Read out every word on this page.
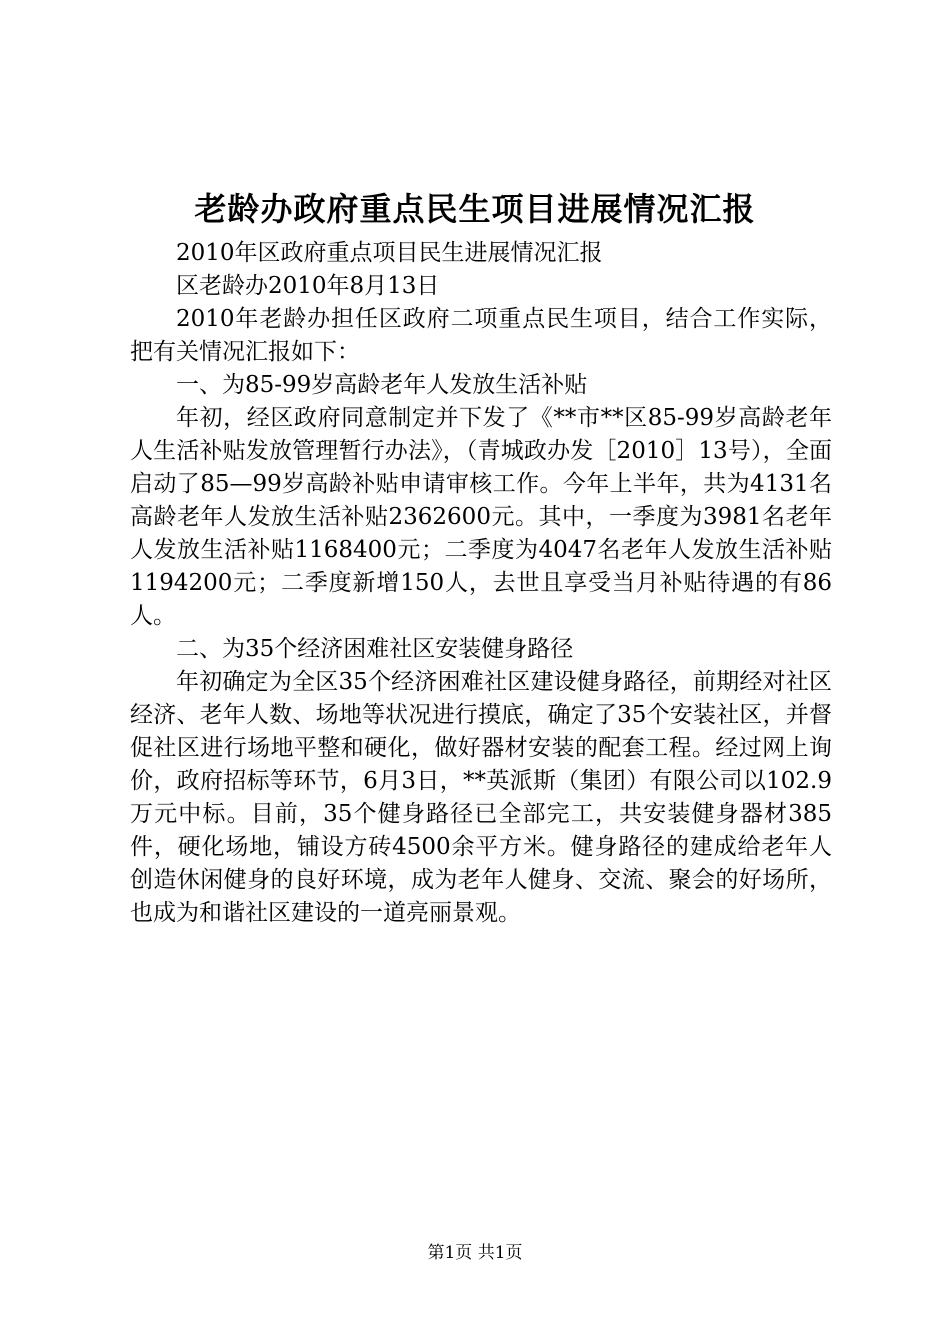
老龄办政府重点民生项目进展情况汇报

2010年区政府重点项目民生进展情况汇报

区老龄办2010年8月13日

2010年老龄办担任区政府二项重点民生项目，结合工作实际，把有关情况汇报如下：

一、为85-99岁高龄老年人发放生活补贴

年初，经区政府同意制定并下发了《**市**区85-99岁高龄老年人生活补贴发放管理暂行办法》，（青城政办发［2010］13号），全面启动了85—99岁高龄补贴申请审核工作。今年上半年，共为4131名高龄老年人发放生活补贴2362600元。其中，一季度为3981名老年人发放生活补贴1168400元；二季度为4047名老年人发放生活补贴1194200元；二季度新增150人，去世且享受当月补贴待遇的有86人。

二、为35个经济困难社区安装健身路径

年初确定为全区35个经济困难社区建设健身路径，前期经对社区经济、老年人数、场地等状况进行摸底，确定了35个安装社区，并督促社区进行场地平整和硬化，做好器材安装的配套工程。经过网上询价，政府招标等环节，6月3日，**英派斯（集团）有限公司以102.9万元中标。目前，35个健身路径已全部完工，共安装健身器材385件，硬化场地，铺设方砖4500余平方米。健身路径的建成给老年人创造休闲健身的良好环境，成为老年人健身、交流、聚会的好场所，也成为和谐社区建设的一道亮丽景观。

第1页 共1页
